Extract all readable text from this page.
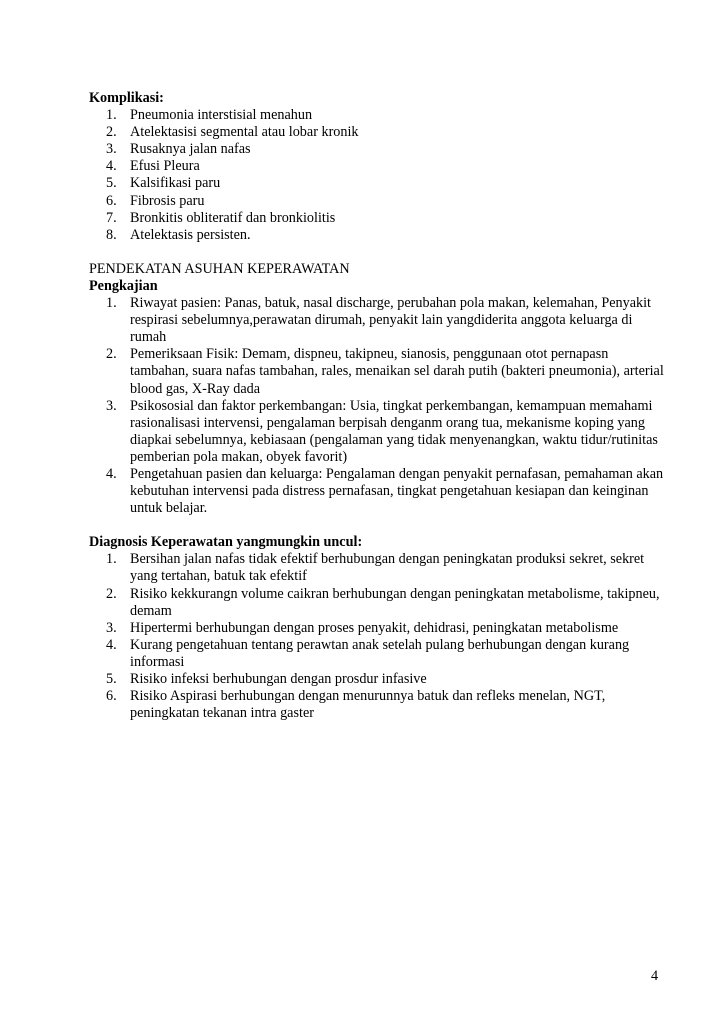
Komplikasi:

1. Pneumonia interstisial menahun
2. Atelektasisi segmental atau lobar kronik
3. Rusaknya jalan nafas
4. Efusi Pleura
5. Kalsifikasi paru
6. Fibrosis paru
7. Bronkitis obliteratif dan bronkiolitis
8. Atelektasis persisten.

PENDEKATAN ASUHAN KEPERAWATAN

Pengkajian

1. Riwayat pasien: Panas, batuk, nasal discharge, perubahan pola makan, kelemahan, Penyakit respirasi sebelumnya,perawatan dirumah, penyakit lain yangdiderita anggota keluarga di rumah
2. Pemeriksaan Fisik: Demam, dispneu, takipneu, sianosis, penggunaan otot pernapasn tambahan, suara nafas tambahan, rales, menaikan sel darah putih (bakteri pneumonia), arterial blood gas, X-Ray dada
3. Psikososial dan faktor perkembangan: Usia, tingkat perkembangan, kemampuan memahami rasionalisasi intervensi, pengalaman berpisah denganm orang tua, mekanisme koping yang diapkai sebelumnya, kebiasaan (pengalaman yang tidak menyenangkan, waktu tidur/rutinitas pemberian pola makan, obyek favorit)
4. Pengetahuan pasien dan keluarga: Pengalaman dengan penyakit pernafasan, pemahaman akan kebutuhan intervensi pada distress pernafasan, tingkat pengetahuan kesiapan dan keinginan untuk belajar.

Diagnosis Keperawatan yangmungkin uncul:

1. Bersihan jalan nafas tidak efektif berhubungan dengan peningkatan produksi sekret, sekret yang tertahan, batuk tak efektif
2. Risiko kekkurangn volume caikran berhubungan dengan peningkatan metabolisme, takipneu, demam
3. Hipertermi berhubungan dengan proses penyakit, dehidrasi, peningkatan metabolisme
4. Kurang pengetahuan tentang perawtan anak setelah pulang berhubungan dengan kurang informasi
5. Risiko infeksi berhubungan dengan prosdur infasive
6. Risiko Aspirasi berhubungan dengan menurunnya batuk dan refleks menelan, NGT, peningkatan tekanan intra gaster
4
